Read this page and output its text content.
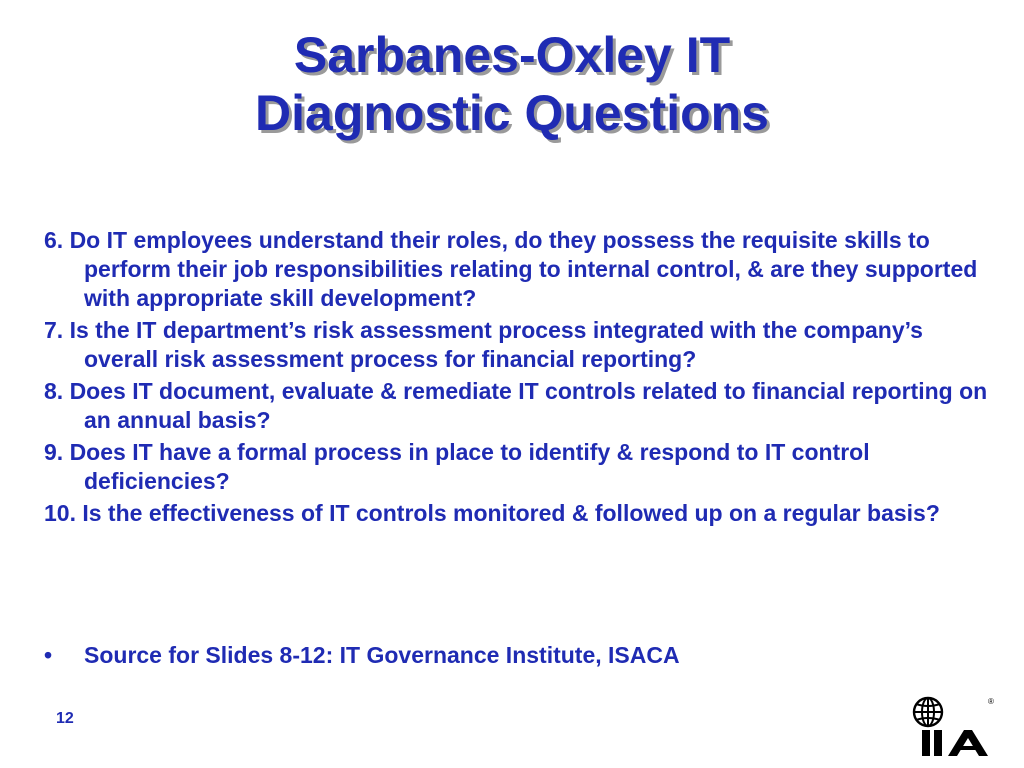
Sarbanes-Oxley IT
Diagnostic Questions
6. Do IT employees understand their roles, do they possess the requisite skills to perform their job responsibilities relating to internal control, & are they supported with appropriate skill development?
7. Is the IT department’s risk assessment process integrated with the company’s overall risk assessment process for financial reporting?
8. Does IT document, evaluate & remediate IT controls related to financial reporting on an annual basis?
9. Does IT have a formal process in place to identify & respond to IT control deficiencies?
10. Is the effectiveness of IT controls monitored & followed up on a regular basis?
•	Source for Slides 8-12: IT Governance Institute, ISACA
12
®
